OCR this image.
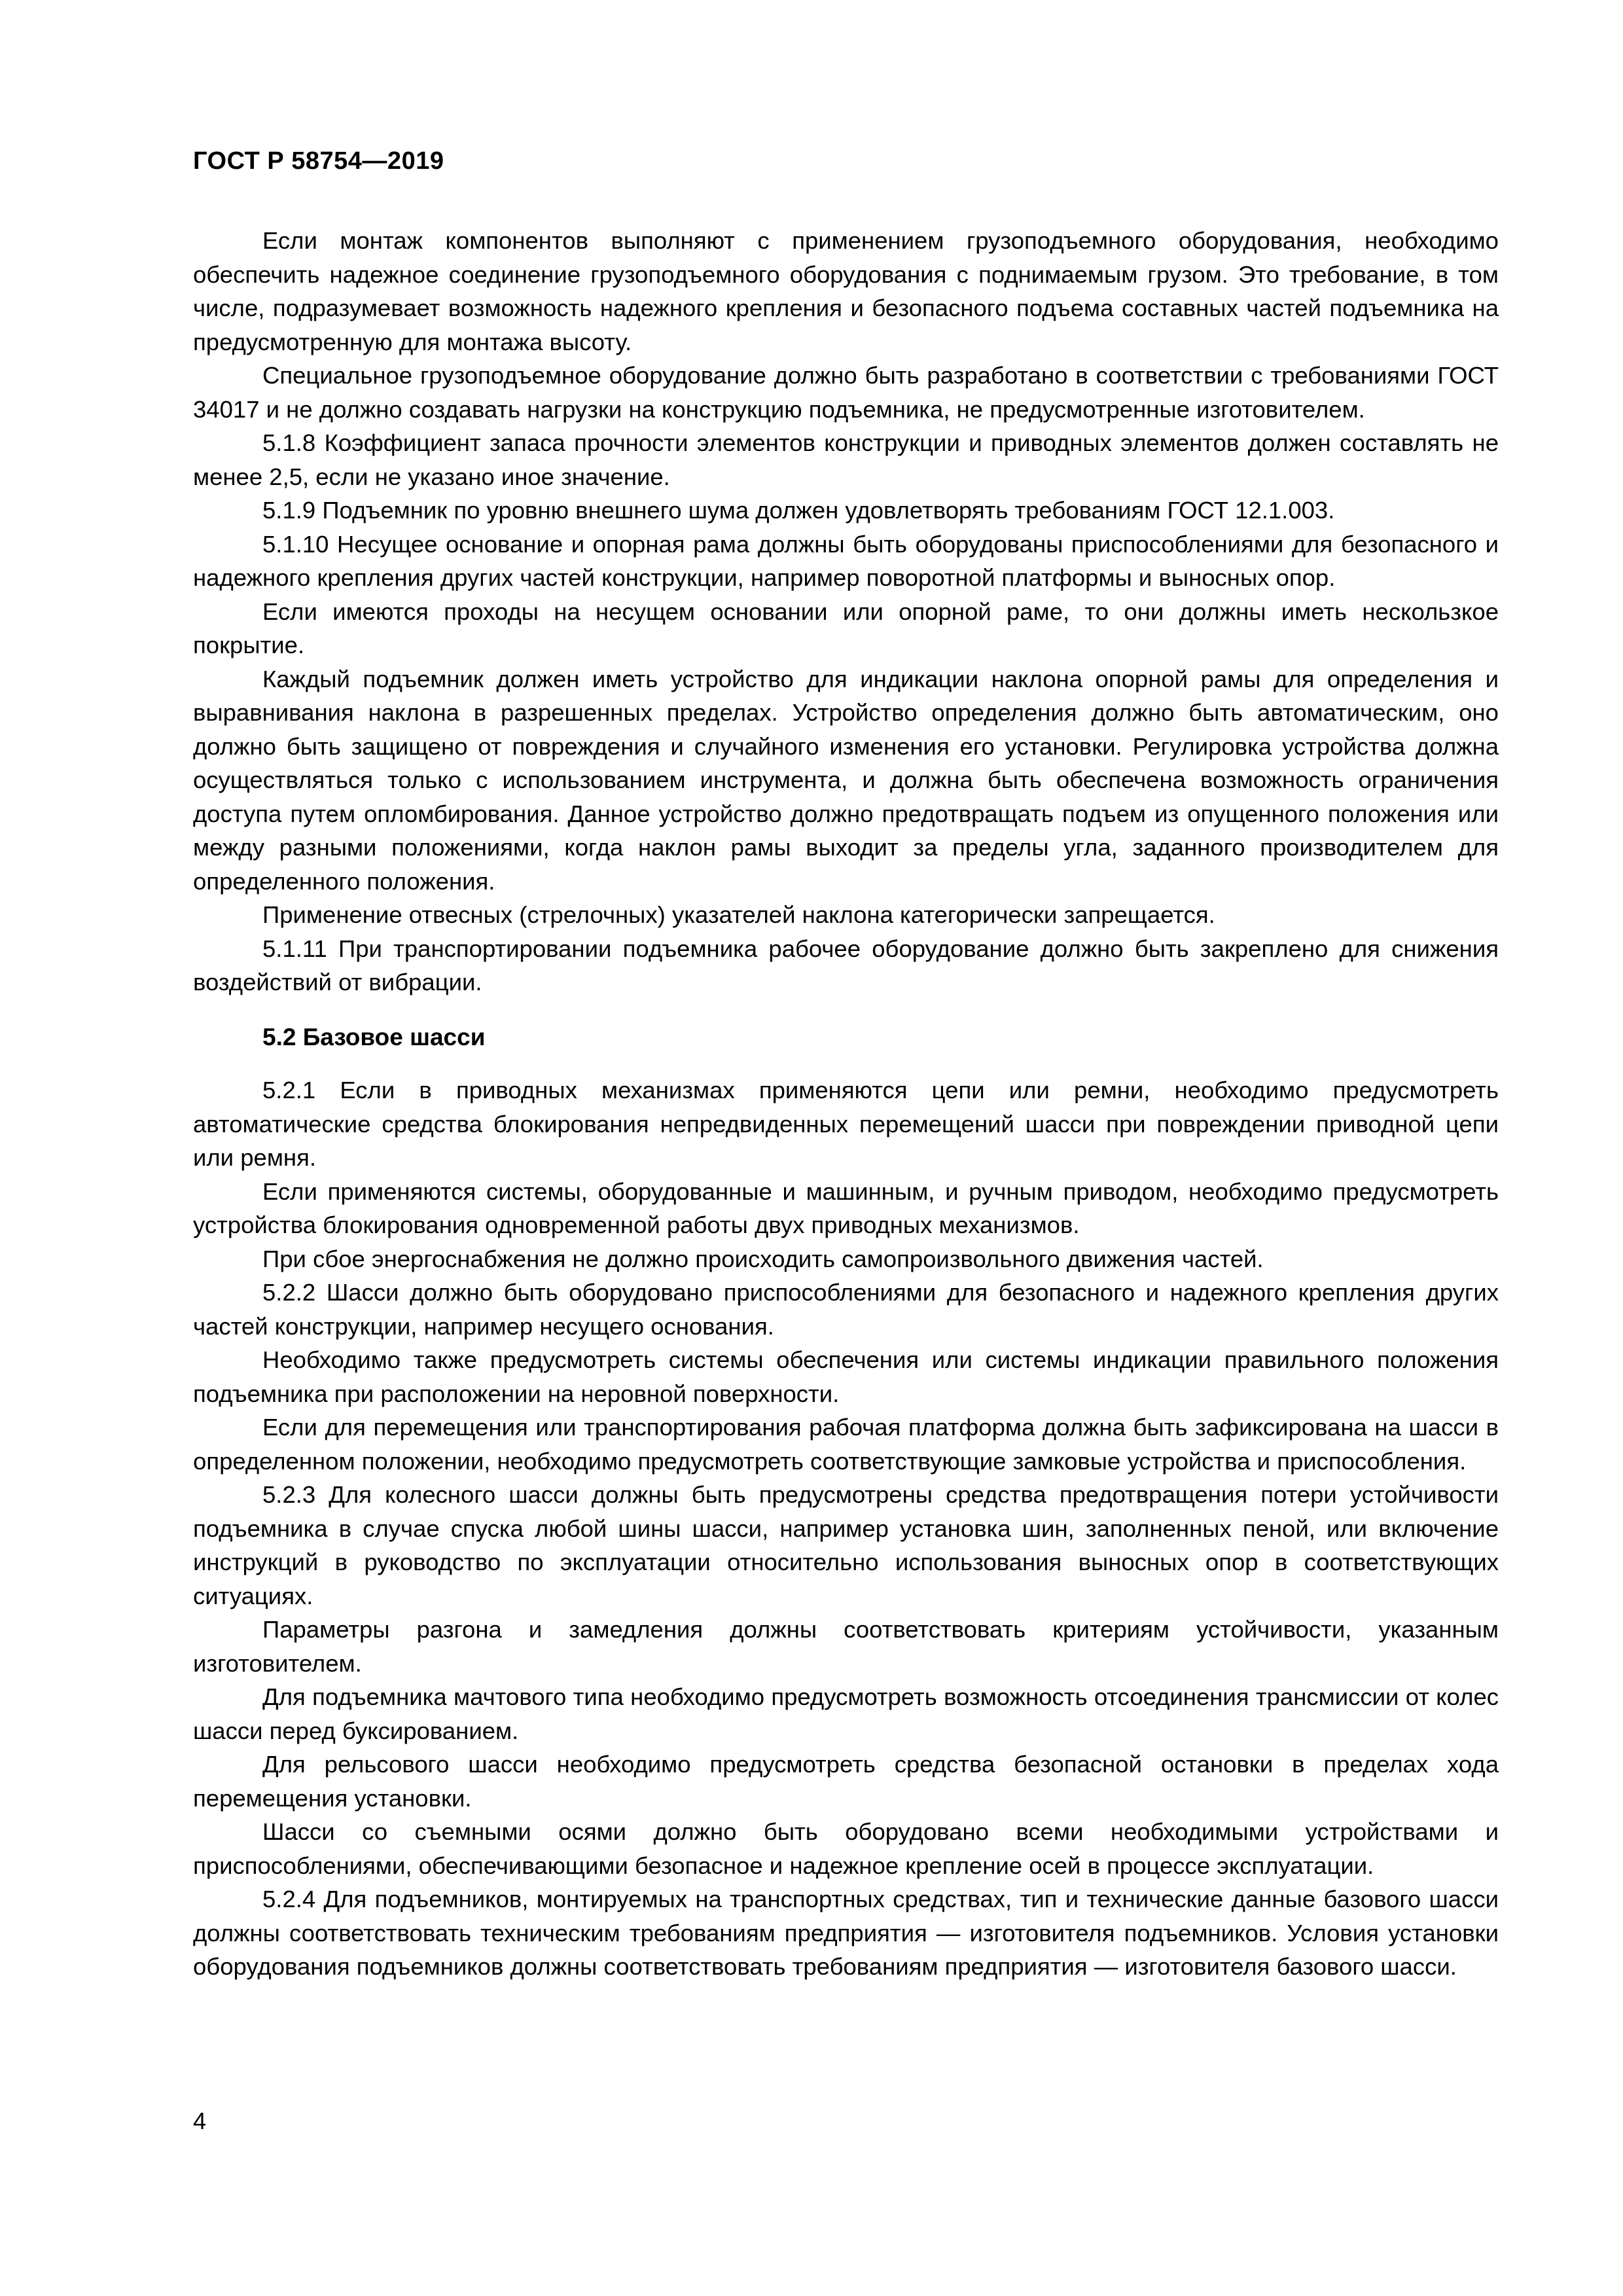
ГОСТ Р 58754—2019

Если монтаж компонентов выполняют с применением грузоподъемного оборудования, необходимо обеспечить надежное соединение грузоподъемного оборудования с поднимаемым грузом. Это требование, в том числе, подразумевает возможность надежного крепления и безопасного подъема составных частей подъемника на предусмотренную для монтажа высоту.

Специальное грузоподъемное оборудование должно быть разработано в соответствии с требованиями ГОСТ 34017 и не должно создавать нагрузки на конструкцию подъемника, не предусмотренные изготовителем.

5.1.8 Коэффициент запаса прочности элементов конструкции и приводных элементов должен составлять не менее 2,5, если не указано иное значение.

5.1.9 Подъемник по уровню внешнего шума должен удовлетворять требованиям ГОСТ 12.1.003.

5.1.10 Несущее основание и опорная рама должны быть оборудованы приспособлениями для безопасного и надежного крепления других частей конструкции, например поворотной платформы и выносных опор.

Если имеются проходы на несущем основании или опорной раме, то они должны иметь нескользкое покрытие.

Каждый подъемник должен иметь устройство для индикации наклона опорной рамы для определения и выравнивания наклона в разрешенных пределах. Устройство определения должно быть автоматическим, оно должно быть защищено от повреждения и случайного изменения его установки. Регулировка устройства должна осуществляться только с использованием инструмента, и должна быть обеспечена возможность ограничения доступа путем опломбирования. Данное устройство должно предотвращать подъем из опущенного положения или между разными положениями, когда наклон рамы выходит за пределы угла, заданного производителем для определенного положения.

Применение отвесных (стрелочных) указателей наклона категорически запрещается.

5.1.11 При транспортировании подъемника рабочее оборудование должно быть закреплено для снижения воздействий от вибрации.

5.2 Базовое шасси

5.2.1 Если в приводных механизмах применяются цепи или ремни, необходимо предусмотреть автоматические средства блокирования непредвиденных перемещений шасси при повреждении приводной цепи или ремня.

Если применяются системы, оборудованные и машинным, и ручным приводом, необходимо предусмотреть устройства блокирования одновременной работы двух приводных механизмов.

При сбое энергоснабжения не должно происходить самопроизвольного движения частей.

5.2.2 Шасси должно быть оборудовано приспособлениями для безопасного и надежного крепления других частей конструкции, например несущего основания.

Необходимо также предусмотреть системы обеспечения или системы индикации правильного положения подъемника при расположении на неровной поверхности.

Если для перемещения или транспортирования рабочая платформа должна быть зафиксирована на шасси в определенном положении, необходимо предусмотреть соответствующие замковые устройства и приспособления.

5.2.3 Для колесного шасси должны быть предусмотрены средства предотвращения потери устойчивости подъемника в случае спуска любой шины шасси, например установка шин, заполненных пеной, или включение инструкций в руководство по эксплуатации относительно использования выносных опор в соответствующих ситуациях.

Параметры разгона и замедления должны соответствовать критериям устойчивости, указанным изготовителем.

Для подъемника мачтового типа необходимо предусмотреть возможность отсоединения трансмиссии от колес шасси перед буксированием.

Для рельсового шасси необходимо предусмотреть средства безопасной остановки в пределах хода перемещения установки.

Шасси со съемными осями должно быть оборудовано всеми необходимыми устройствами и приспособлениями, обеспечивающими безопасное и надежное крепление осей в процессе эксплуатации.

5.2.4 Для подъемников, монтируемых на транспортных средствах, тип и технические данные базового шасси должны соответствовать техническим требованиям предприятия — изготовителя подъемников. Условия установки оборудования подъемников должны соответствовать требованиям предприятия — изготовителя базового шасси.

4
